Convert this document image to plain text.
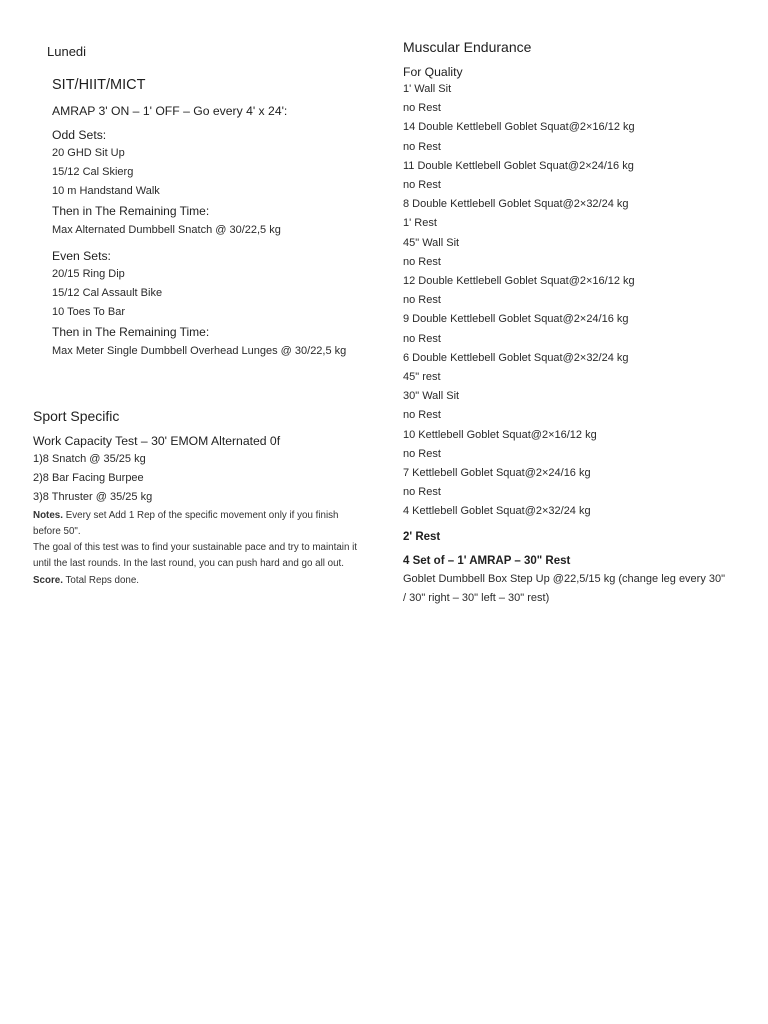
Lunedi
SIT/HIIT/MICT
AMRAP 3' ON – 1' OFF – Go every 4' x 24':
Odd Sets:
20 GHD Sit Up
15/12 Cal Skierg
10 m Handstand Walk
Then in The Remaining Time:
Max Alternated Dumbbell Snatch @ 30/22,5 kg
Even Sets:
20/15 Ring Dip
15/12 Cal Assault Bike
10 Toes To Bar
Then in The Remaining Time:
Max Meter Single Dumbbell Overhead Lunges @ 30/22,5 kg
Sport Specific
Work Capacity Test – 30' EMOM Alternated 0f
1)8 Snatch @ 35/25 kg
2)8 Bar Facing Burpee
3)8 Thruster @ 35/25 kg
Notes. Every set Add 1 Rep of the specific movement only if you finish
before 50".
The goal of this test was to find your sustainable pace and try to maintain it
until the last rounds. In the last round, you can push hard and go all out.
Score. Total Reps done.
Muscular Endurance
For Quality
1' Wall Sit
no Rest
14 Double Kettlebell Goblet Squat@2×16/12 kg
no Rest
11 Double Kettlebell Goblet Squat@2×24/16 kg
no Rest
8 Double Kettlebell Goblet Squat@2×32/24 kg
1' Rest
45" Wall Sit
no Rest
12 Double Kettlebell Goblet Squat@2×16/12 kg
no Rest
9 Double Kettlebell Goblet Squat@2×24/16 kg
no Rest
6 Double Kettlebell Goblet Squat@2×32/24 kg
45" rest
30" Wall Sit
no Rest
10 Kettlebell Goblet Squat@2×16/12 kg
no Rest
7 Kettlebell Goblet Squat@2×24/16 kg
no Rest
4 Kettlebell Goblet Squat@2×32/24 kg
2' Rest
4 Set of – 1' AMRAP – 30" Rest
Goblet Dumbbell Box Step Up @22,5/15 kg (change leg every 30"
/ 30" right – 30" left – 30" rest)
